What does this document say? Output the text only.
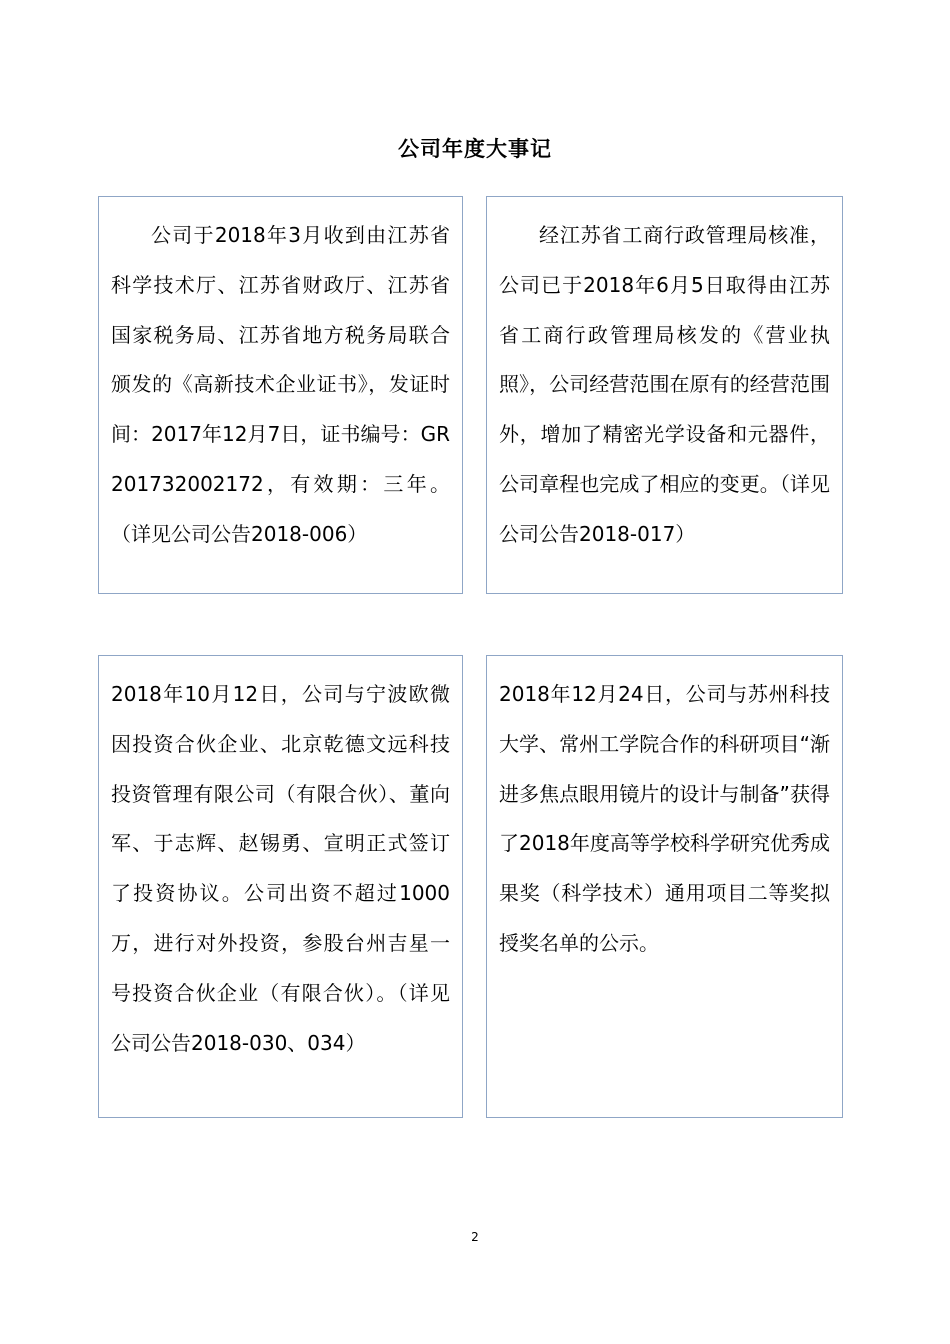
公司年度大事记

公司于2018年3月收到由江苏省科学技术厅、江苏省财政厅、江苏省国家税务局、江苏省地方税务局联合颁发的《高新技术企业证书》，发证时间：2017年12月7日，证书编号：GR201732002172，有效期：三年。（详见公司公告2018-006）

经江苏省工商行政管理局核准，公司已于2018年6月5日取得由江苏省工商行政管理局核发的《营业执照》，公司经营范围在原有的经营范围外，增加了精密光学设备和元器件，公司章程也完成了相应的变更。（详见公司公告2018-017）

2018年10月12日，公司与宁波欧微因投资合伙企业、北京乾德文远科技投资管理有限公司（有限合伙）、董向军、于志辉、赵锡勇、宣明正式签订了投资协议。公司出资不超过1000万，进行对外投资，参股台州吉星一号投资合伙企业（有限合伙）。（详见公司公告2018-030、034）

2018年12月24日，公司与苏州科技大学、常州工学院合作的科研项目“渐进多焦点眼用镜片的设计与制备”获得了2018年度高等学校科学研究优秀成果奖（科学技术）通用项目二等奖拟授奖名单的公示。

2
